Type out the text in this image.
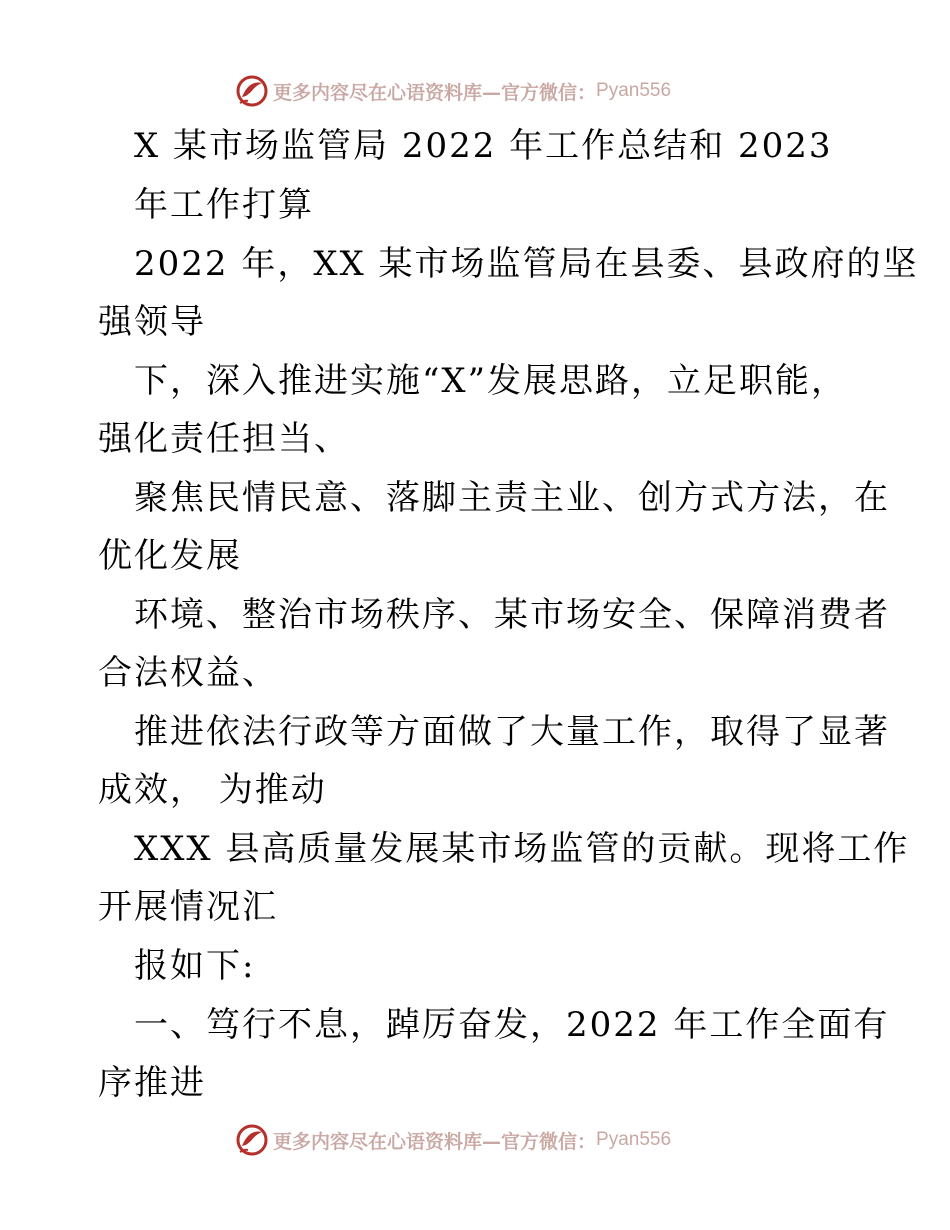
更多内容尽在心语资料库—官方微信： Pyan556
X 某市场监管局 2022 年工作总结和 2023
年工作打算
2022 年，XX 某市场监管局在县委、县政府的坚
强领导
下，深入推进实施“X”发展思路，立足职能，
强化责任担当、
聚焦民情民意、落脚主责主业、创方式方法，在
优化发展
环境、整治市场秩序、某市场安全、保障消费者
合法权益、
推进依法行政等方面做了大量工作，取得了显著
成效， 为推动
XXX 县高质量发展某市场监管的贡献。现将工作
开展情况汇
报如下:
一、笃行不息，踔厉奋发，2022 年工作全面有
序推进
更多内容尽在心语资料库—官方微信： Pyan556
